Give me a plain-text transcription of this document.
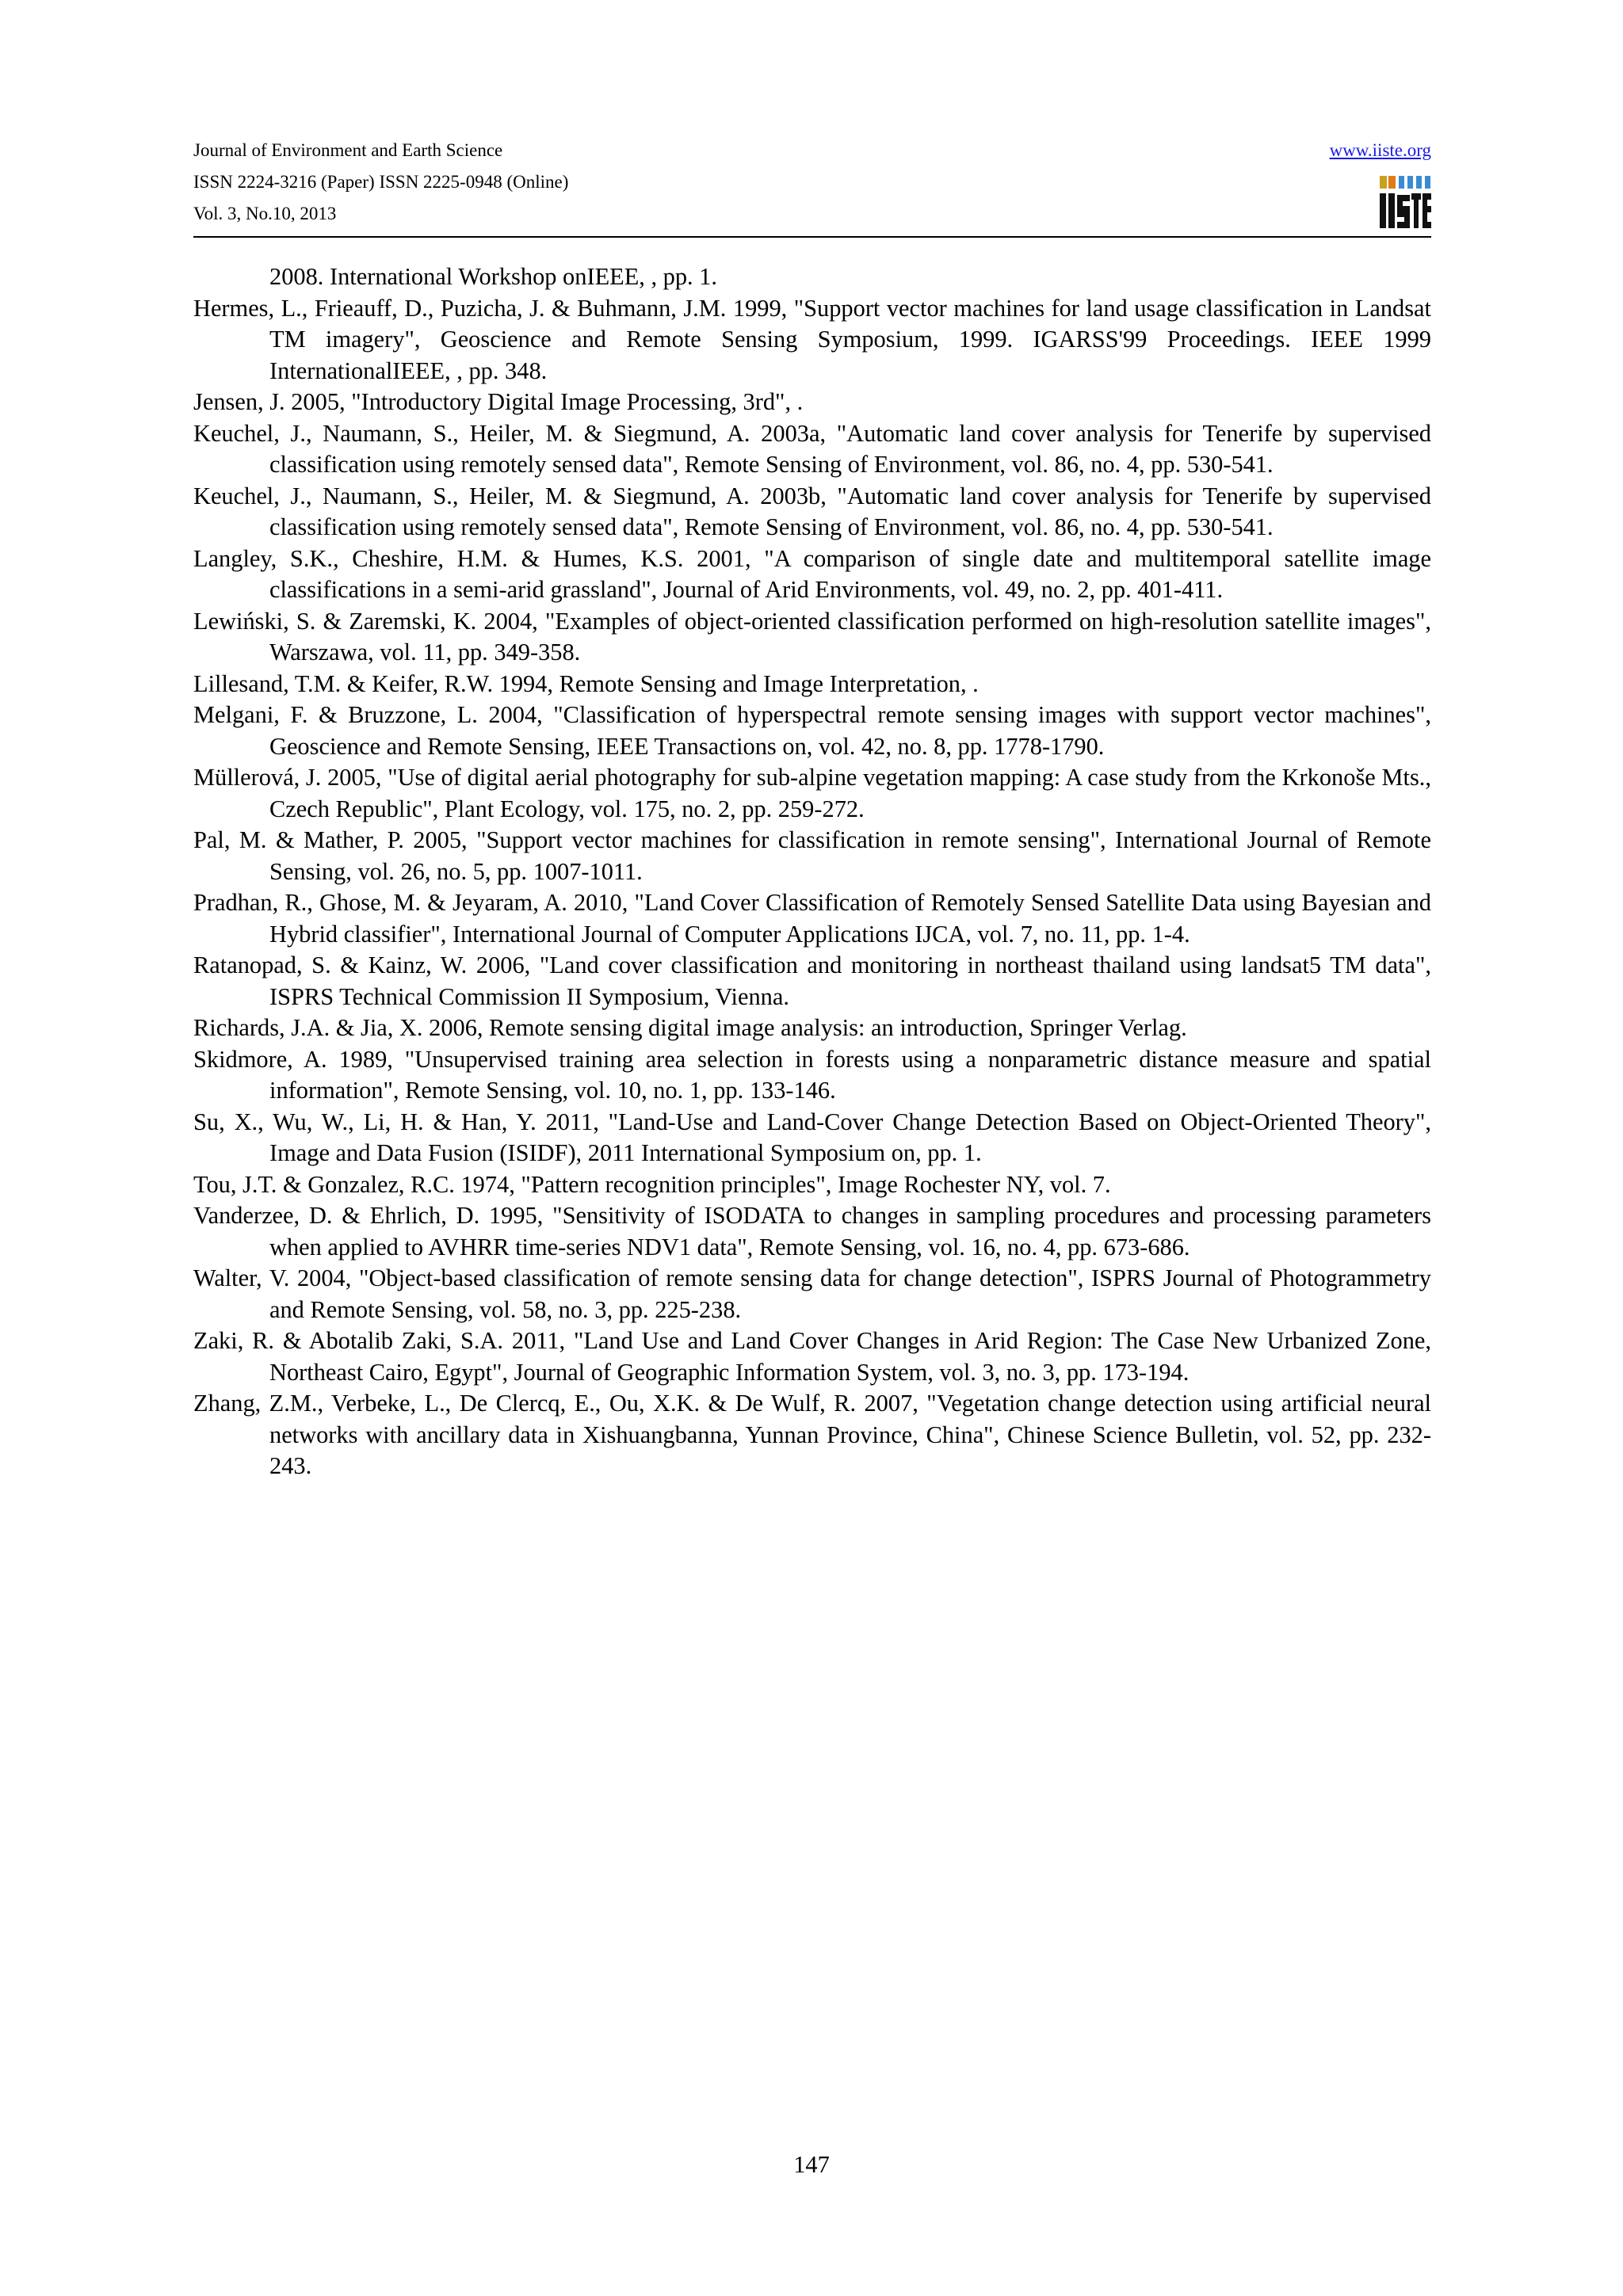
Journal of Environment and Earth Science
ISSN 2224-3216 (Paper) ISSN 2225-0948 (Online)
Vol. 3, No.10, 2013
www.iiste.org
2008. International Workshop onIEEE, , pp. 1.
Hermes, L., Frieauff, D., Puzicha, J. & Buhmann, J.M. 1999, "Support vector machines for land usage classification in Landsat TM imagery", Geoscience and Remote Sensing Symposium, 1999. IGARSS'99 Proceedings. IEEE 1999 InternationalIEEE, , pp. 348.
Jensen, J. 2005, "Introductory Digital Image Processing, 3rd", .
Keuchel, J., Naumann, S., Heiler, M. & Siegmund, A. 2003a, "Automatic land cover analysis for Tenerife by supervised classification using remotely sensed data", Remote Sensing of Environment, vol. 86, no. 4, pp. 530-541.
Keuchel, J., Naumann, S., Heiler, M. & Siegmund, A. 2003b, "Automatic land cover analysis for Tenerife by supervised classification using remotely sensed data", Remote Sensing of Environment, vol. 86, no. 4, pp. 530-541.
Langley, S.K., Cheshire, H.M. & Humes, K.S. 2001, "A comparison of single date and multitemporal satellite image classifications in a semi-arid grassland", Journal of Arid Environments, vol. 49, no. 2, pp. 401-411.
Lewiński, S. & Zaremski, K. 2004, "Examples of object-oriented classification performed on high-resolution satellite images", Warszawa, vol. 11, pp. 349-358.
Lillesand, T.M. & Keifer, R.W. 1994, Remote Sensing and Image Interpretation, .
Melgani, F. & Bruzzone, L. 2004, "Classification of hyperspectral remote sensing images with support vector machines", Geoscience and Remote Sensing, IEEE Transactions on, vol. 42, no. 8, pp. 1778-1790.
Müllerová, J. 2005, "Use of digital aerial photography for sub-alpine vegetation mapping: A case study from the Krkonoše Mts., Czech Republic", Plant Ecology, vol. 175, no. 2, pp. 259-272.
Pal, M. & Mather, P. 2005, "Support vector machines for classification in remote sensing", International Journal of Remote Sensing, vol. 26, no. 5, pp. 1007-1011.
Pradhan, R., Ghose, M. & Jeyaram, A. 2010, "Land Cover Classification of Remotely Sensed Satellite Data using Bayesian and Hybrid classifier", International Journal of Computer Applications IJCA, vol. 7, no. 11, pp. 1-4.
Ratanopad, S. & Kainz, W. 2006, "Land cover classification and monitoring in northeast thailand using landsat5 TM data", ISPRS Technical Commission II Symposium, Vienna.
Richards, J.A. & Jia, X. 2006, Remote sensing digital image analysis: an introduction, Springer Verlag.
Skidmore, A. 1989, "Unsupervised training area selection in forests using a nonparametric distance measure and spatial information", Remote Sensing, vol. 10, no. 1, pp. 133-146.
Su, X., Wu, W., Li, H. & Han, Y. 2011, "Land-Use and Land-Cover Change Detection Based on Object-Oriented Theory", Image and Data Fusion (ISIDF), 2011 International Symposium on, pp. 1.
Tou, J.T. & Gonzalez, R.C. 1974, "Pattern recognition principles", Image Rochester NY, vol. 7.
Vanderzee, D. & Ehrlich, D. 1995, "Sensitivity of ISODATA to changes in sampling procedures and processing parameters when applied to AVHRR time-series NDV1 data", Remote Sensing, vol. 16, no. 4, pp. 673-686.
Walter, V. 2004, "Object-based classification of remote sensing data for change detection", ISPRS Journal of Photogrammetry and Remote Sensing, vol. 58, no. 3, pp. 225-238.
Zaki, R. & Abotalib Zaki, S.A. 2011, "Land Use and Land Cover Changes in Arid Region: The Case New Urbanized Zone, Northeast Cairo, Egypt", Journal of Geographic Information System, vol. 3, no. 3, pp. 173-194.
Zhang, Z.M., Verbeke, L., De Clercq, E., Ou, X.K. & De Wulf, R. 2007, "Vegetation change detection using artificial neural networks with ancillary data in Xishuangbanna, Yunnan Province, China", Chinese Science Bulletin, vol. 52, pp. 232-243.
147
